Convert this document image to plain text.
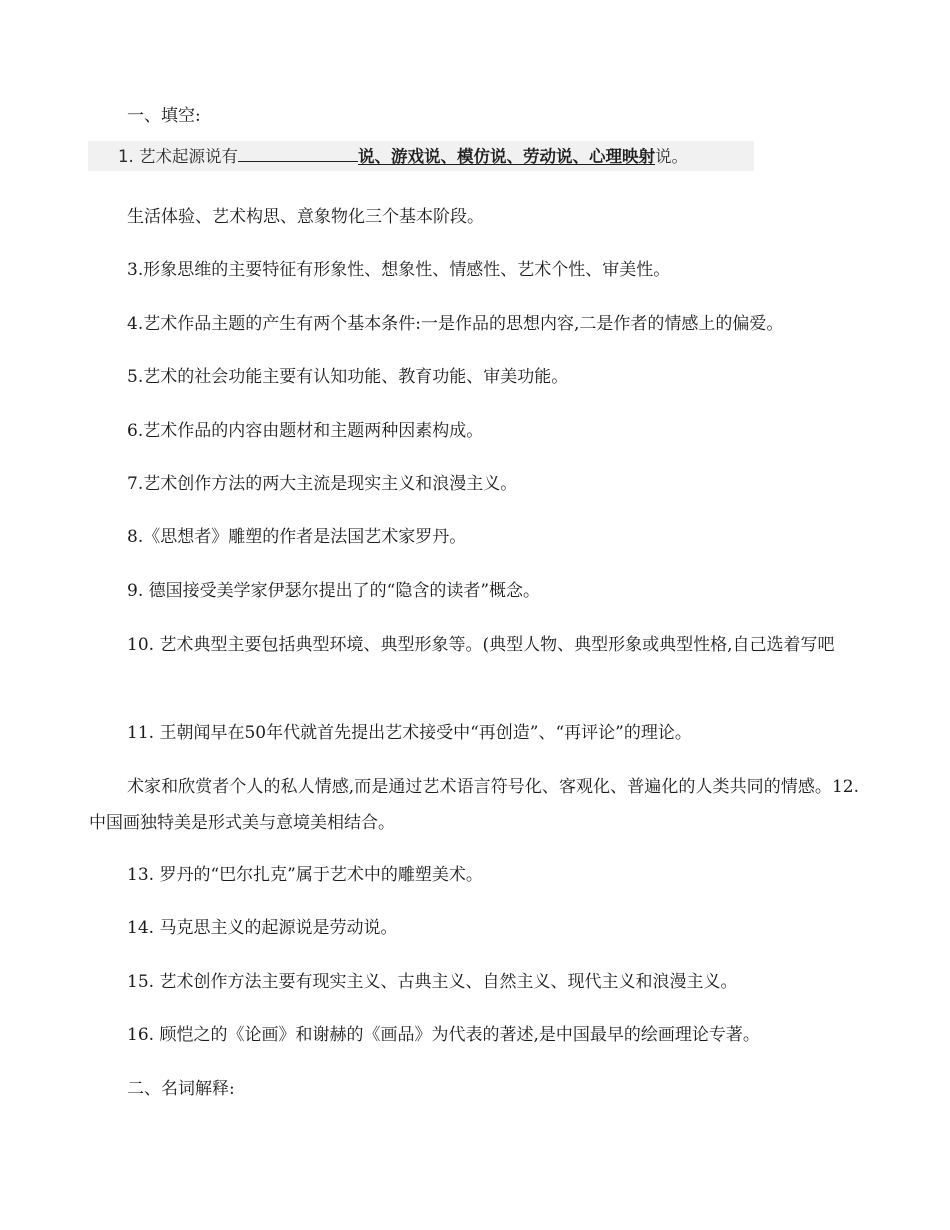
一、填空:
1. 艺术起源说有	说、游戏说、模仿说、劳动说、心理映射说。
生活体验、艺术构思、意象物化三个基本阶段。
3.形象思维的主要特征有形象性、想象性、情感性、艺术个性、审美性。
4.艺术作品主题的产生有两个基本条件:一是作品的思想内容,二是作者的情感上的偏爱。
5.艺术的社会功能主要有认知功能、教育功能、审美功能。
6.艺术作品的内容由题材和主题两种因素构成。
7.艺术创作方法的两大主流是现实主义和浪漫主义。
8.《思想者》雕塑的作者是法国艺术家罗丹。
9. 德国接受美学家伊瑟尔提出了的“隐含的读者”概念。
10. 艺术典型主要包括典型环境、典型形象等。(典型人物、典型形象或典型性格,自己选着写吧
11. 王朝闻早在50年代就首先提出艺术接受中“再创造”、“再评论”的理论。
术家和欣赏者个人的私人情感,而是通过艺术语言符号化、客观化、普遍化的人类共同的情感。12. 中国画独特美是形式美与意境美相结合。
13. 罗丹的“巴尔扎克”属于艺术中的雕塑美术。
14. 马克思主义的起源说是劳动说。
15. 艺术创作方法主要有现实主义、古典主义、自然主义、现代主义和浪漫主义。
16. 顾恺之的《论画》和谢赫的《画品》为代表的著述,是中国最早的绘画理论专著。
二、名词解释:
